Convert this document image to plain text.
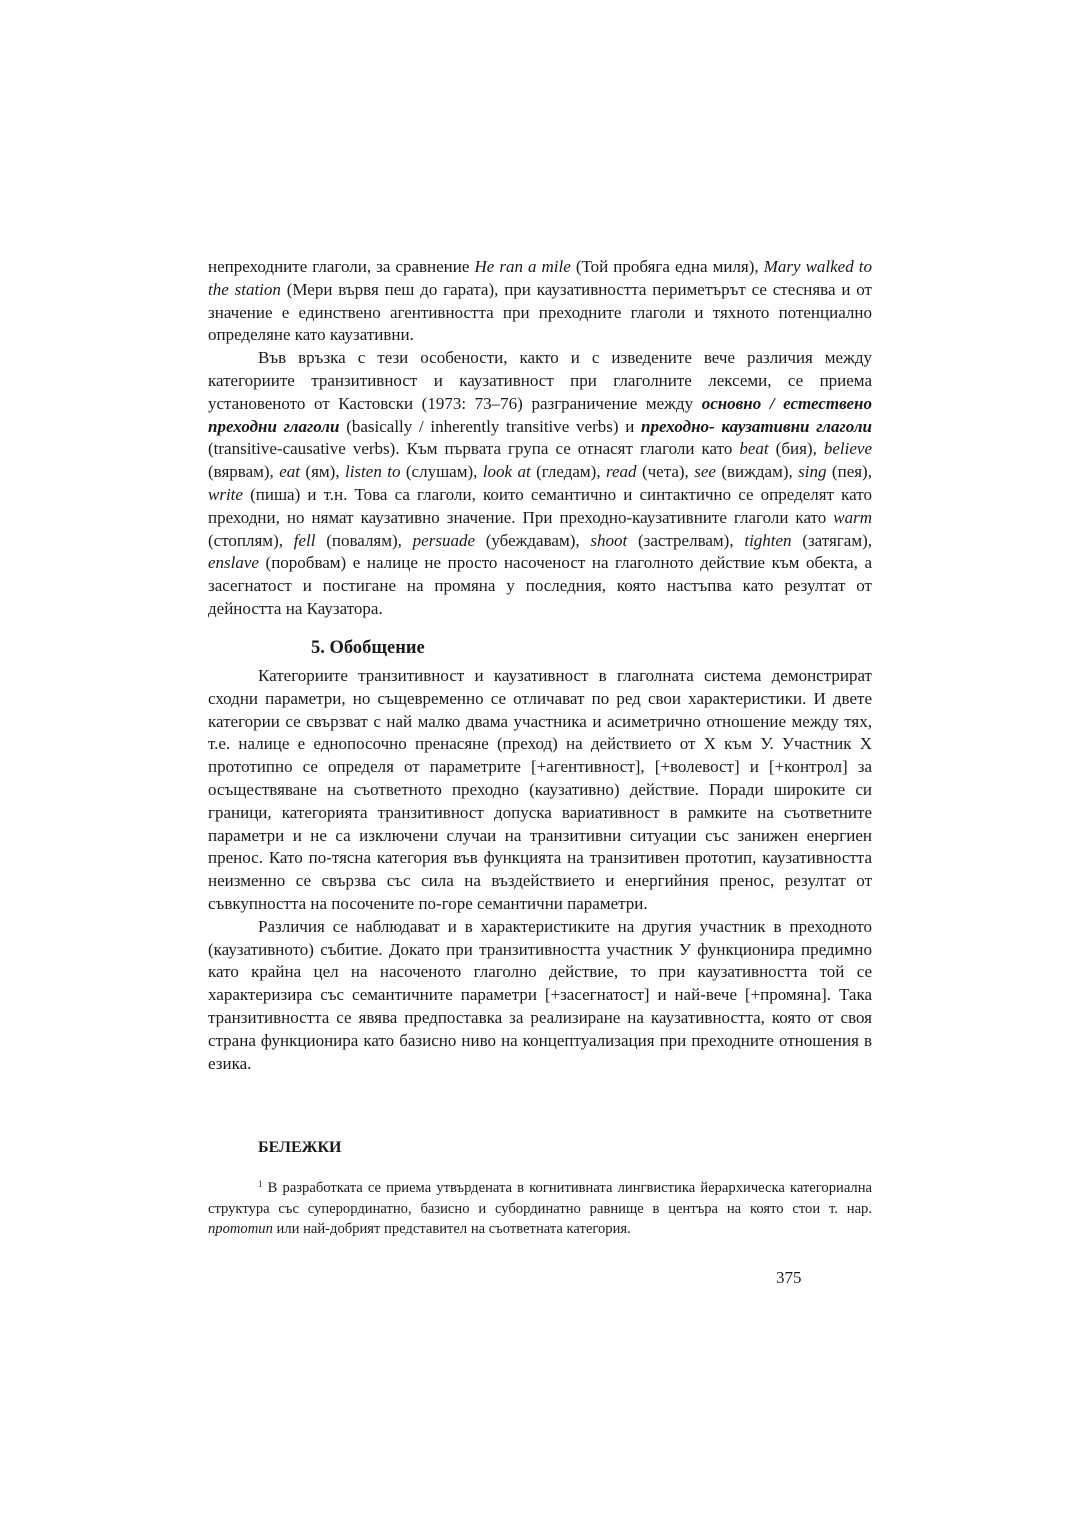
непреходните глаголи, за сравнение He ran a mile (Той пробяга една миля), Mary walked to the station (Мери вървя пеш до гарата), при каузативността периметърът се стеснява и от значение е единствено агентивността при преходните глаголи и тяхното потенциално определяне като каузативни.

Във връзка с тези особености, както и с изведените вече различия между категориите транзитивност и каузативност при глаголните лексеми, се приема установеното от Кастовски (1973: 73–76) разграничение между основно / естествено преходни глаголи (basically / inherently transitive verbs) и преходно- каузативни глаголи (transitive-causative verbs). Към първата група се отнасят глаголи като beat (бия), believe (вярвам), eat (ям), listen to (слушам), look at (гледам), read (чета), see (виждам), sing (пея), write (пиша) и т.н. Това са глаголи, които семантично и синтактично се определят като преходни, но нямат каузативно значение. При преходно-каузативните глаголи като warm (стоплям), fell (повалям), persuade (убеждавам), shoot (застрелвам), tighten (затягам), enslave (поробвам) е налице не просто насоченост на глаголното действие към обекта, а засегнатост и постигане на промяна у последния, която настъпва като резултат от дейността на Каузатора.

5. Обобщение

Категориите транзитивност и каузативност в глаголната система демонстрират сходни параметри, но същевременно се отличават по ред свои характеристики. И двете категории се свързват с най малко двама участника и асиметрично отношение между тях, т.е. налице е еднопосочно пренасяне (преход) на действието от Х към У. Участник Х прототипно се определя от параметрите [+агентивност], [+волевост] и [+контрол] за осъществяване на съответното преходно (каузативно) действие. Поради широките си граници, категорията транзитивност допуска вариативност в рамките на съответните параметри и не са изключени случаи на транзитивни ситуации със занижен енергиен пренос. Като по-тясна категория във функцията на транзитивен прототип, каузативността неизменно се свързва със сила на въздействието и енергийния пренос, резултат от съвкупността на посочените по-горе семантични параметри.

Различия се наблюдават и в характеристиките на другия участник в преходното (каузативното) събитие. Докато при транзитивността участник У функционира предимно като крайна цел на насоченото глаголно действие, то при каузативността той се характеризира със семантичните параметри [+засегнатост] и най-вече [+промяна]. Така транзитивността се явява предпоставка за реализиране на каузативността, която от своя страна функционира като базисно ниво на концептуализация при преходните отношения в езика.

БЕЛЕЖКИ

$^1$ В разработката се приема утвърдената в когнитивната лингвистика йерархическа категориална структура със суперординатно, базисно и субординатно равнище в центъра на която стои т. нар. прототип или най-добрият представител на съответната категория.

375
